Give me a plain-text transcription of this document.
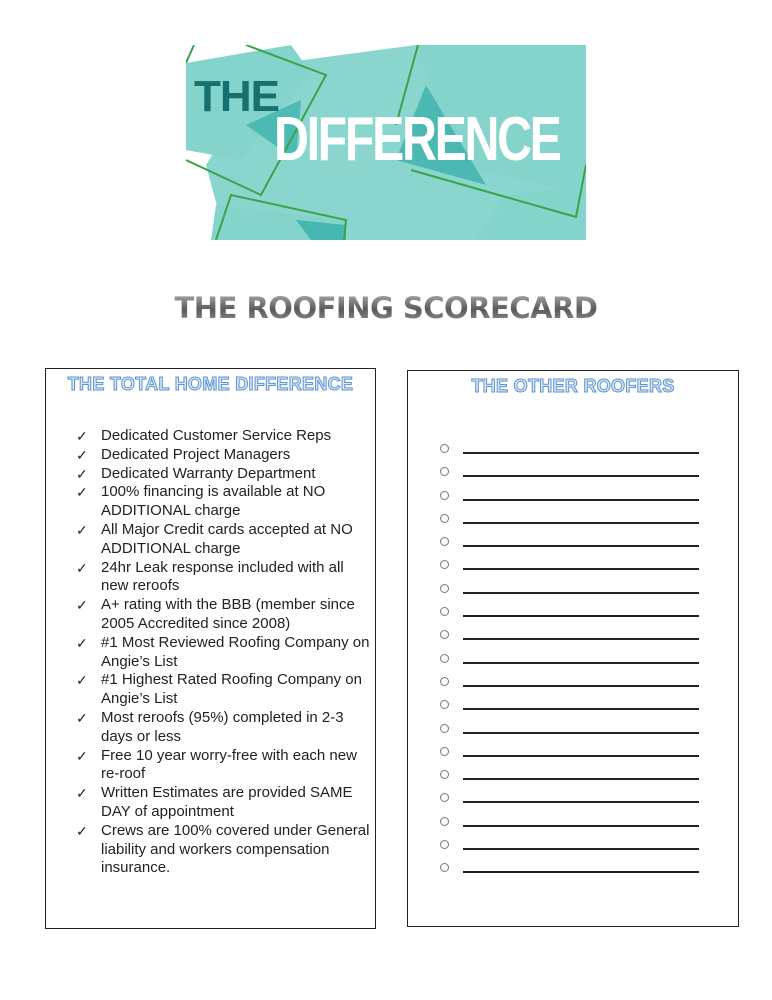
THE
DIFFERENCE
THE ROOFING SCORECARD
THE TOTAL HOME DIFFERENCE
✓ Dedicated Customer Service Reps
✓ Dedicated Project Managers
✓ Dedicated Warranty Department
✓ 100% financing is available at NO ADDITIONAL charge
✓ All Major Credit cards accepted at NO ADDITIONAL charge
✓ 24hr Leak response included with all new reroofs
✓ A+ rating with the BBB (member since 2005 Accredited since 2008)
✓ #1 Most Reviewed Roofing Company on Angie’s List
✓ #1 Highest Rated Roofing Company on Angie’s List
✓ Most reroofs (95%) completed in 2-3 days or less
✓ Free 10 year worry-free with each new re-roof
✓ Written Estimates are provided SAME DAY of appointment
✓ Crews are 100% covered under General liability and workers compensation insurance.
THE OTHER ROOFERS
